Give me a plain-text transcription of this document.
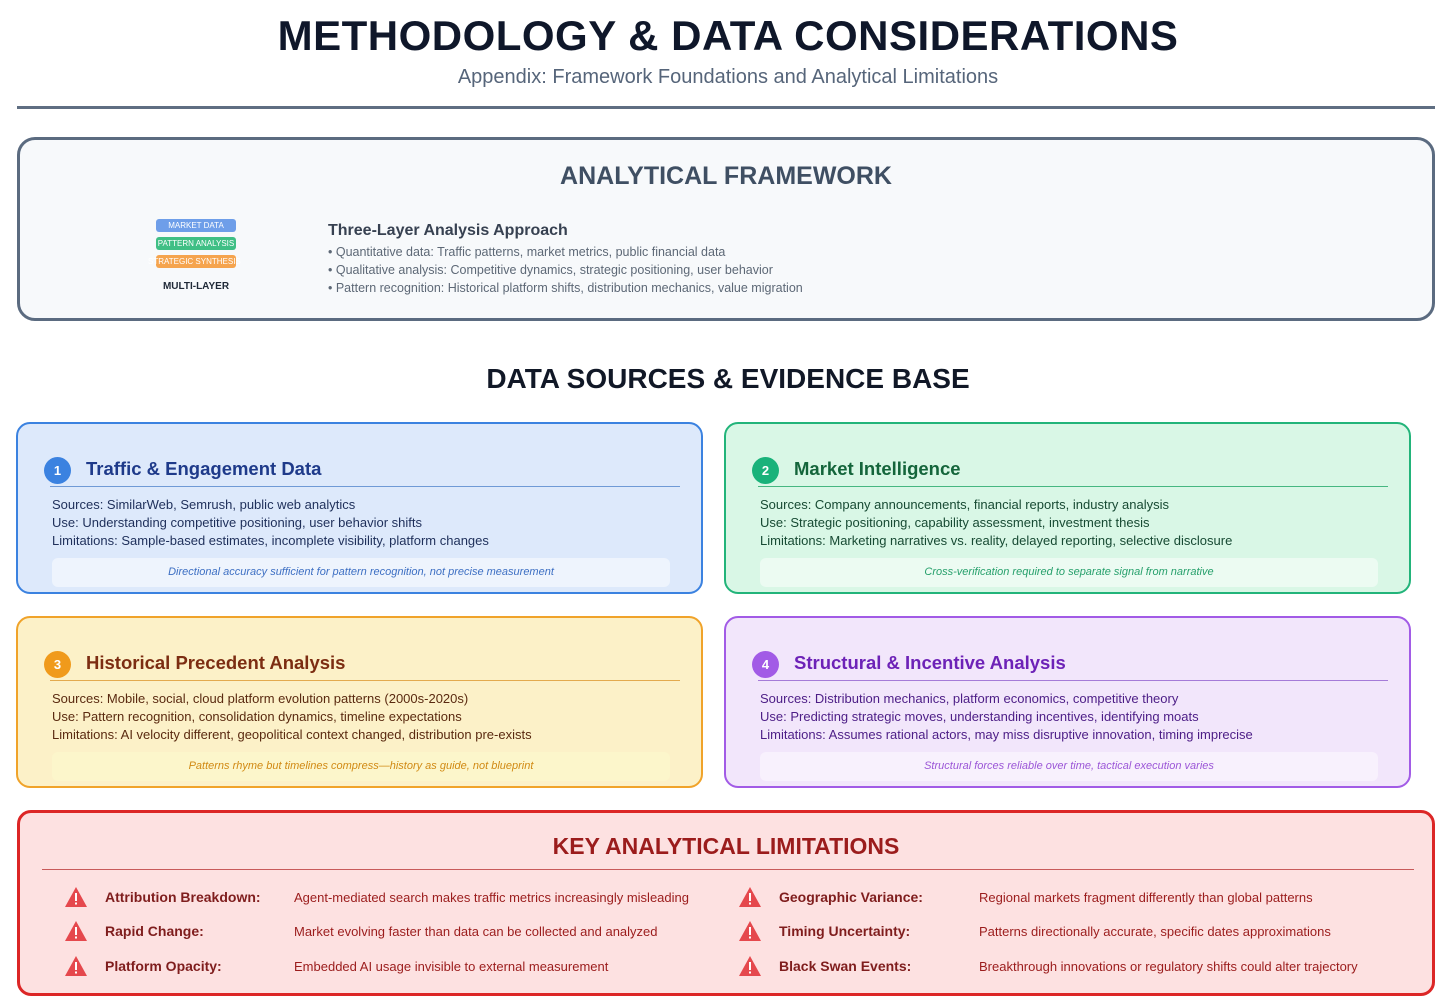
METHODOLOGY & DATA CONSIDERATIONS
Appendix: Framework Foundations and Analytical Limitations
ANALYTICAL FRAMEWORK
MARKET DATA
PATTERN ANALYSIS
STRATEGIC SYNTHESIS
MULTI-LAYER
Three-Layer Analysis Approach
• Quantitative data: Traffic patterns, market metrics, public financial data
• Qualitative analysis: Competitive dynamics, strategic positioning, user behavior
• Pattern recognition: Historical platform shifts, distribution mechanics, value migration
DATA SOURCES & EVIDENCE BASE
1	Traffic & Engagement Data
Sources: SimilarWeb, Semrush, public web analytics
Use: Understanding competitive positioning, user behavior shifts
Limitations: Sample-based estimates, incomplete visibility, platform changes
Directional accuracy sufficient for pattern recognition, not precise measurement
2	Market Intelligence
Sources: Company announcements, financial reports, industry analysis
Use: Strategic positioning, capability assessment, investment thesis
Limitations: Marketing narratives vs. reality, delayed reporting, selective disclosure
Cross-verification required to separate signal from narrative
3	Historical Precedent Analysis
Sources: Mobile, social, cloud platform evolution patterns (2000s-2020s)
Use: Pattern recognition, consolidation dynamics, timeline expectations
Limitations: AI velocity different, geopolitical context changed, distribution pre-exists
Patterns rhyme but timelines compress—history as guide, not blueprint
4	Structural & Incentive Analysis
Sources: Distribution mechanics, platform economics, competitive theory
Use: Predicting strategic moves, understanding incentives, identifying moats
Limitations: Assumes rational actors, may miss disruptive innovation, timing imprecise
Structural forces reliable over time, tactical execution varies
KEY ANALYTICAL LIMITATIONS
Attribution Breakdown:	Agent-mediated search makes traffic metrics increasingly misleading
Rapid Change:	Market evolving faster than data can be collected and analyzed
Platform Opacity:	Embedded AI usage invisible to external measurement
Geographic Variance:	Regional markets fragment differently than global patterns
Timing Uncertainty:	Patterns directionally accurate, specific dates approximations
Black Swan Events:	Breakthrough innovations or regulatory shifts could alter trajectory
